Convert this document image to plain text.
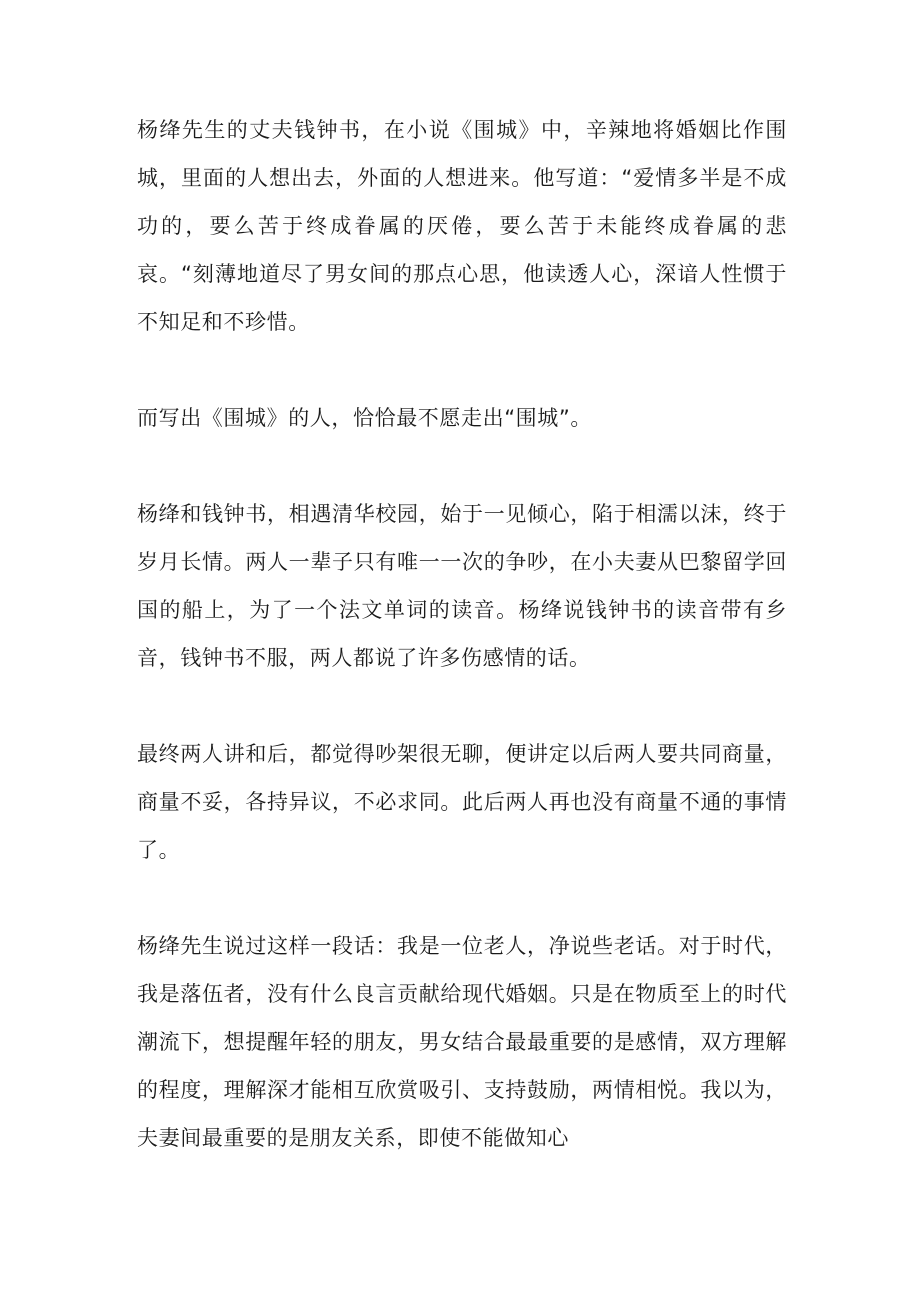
杨绛先生的丈夫钱钟书，在小说《围城》中，辛辣地将婚姻比作围城，里面的人想出去，外面的人想进来。他写道：“爱情多半是不成功的，要么苦于终成眷属的厌倦，要么苦于未能终成眷属的悲哀。“刻薄地道尽了男女间的那点心思，他读透人心，深谙人性惯于不知足和不珍惜。

而写出《围城》的人，恰恰最不愿走出“围城”。

杨绛和钱钟书，相遇清华校园，始于一见倾心，陷于相濡以沫，终于岁月长情。两人一辈子只有唯一一次的争吵，在小夫妻从巴黎留学回国的船上，为了一个法文单词的读音。杨绛说钱钟书的读音带有乡音，钱钟书不服，两人都说了许多伤感情的话。

最终两人讲和后，都觉得吵架很无聊，便讲定以后两人要共同商量，商量不妥，各持异议，不必求同。此后两人再也没有商量不通的事情了。

杨绛先生说过这样一段话：我是一位老人，净说些老话。对于时代，我是落伍者，没有什么良言贡献给现代婚姻。只是在物质至上的时代潮流下，想提醒年轻的朋友，男女结合最最重要的是感情，双方理解的程度，理解深才能相互欣赏吸引、支持鼓励，两情相悦。我以为，夫妻间最重要的是朋友关系，即使不能做知心
